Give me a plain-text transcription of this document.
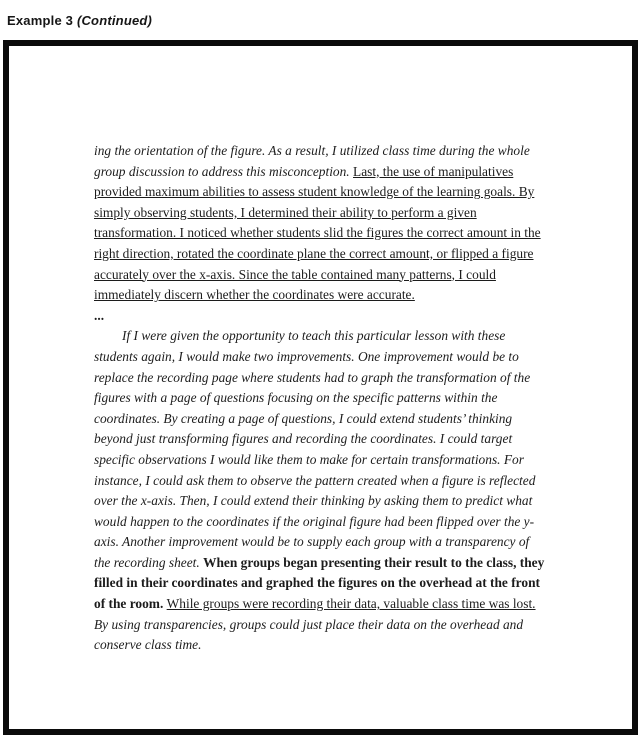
Example 3 (Continued)

ing the orientation of the figure. As a result, I utilized class time during the whole group discussion to address this misconception. Last, the use of manipulatives provided maximum abilities to assess student knowledge of the learning goals. By simply observing students, I determined their ability to perform a given transformation. I noticed whether students slid the figures the correct amount in the right direction, rotated the coordinate plane the correct amount, or flipped a figure accurately over the x-axis. Since the table contained many patterns, I could immediately discern whether the coordinates were accurate.

...

If I were given the opportunity to teach this particular lesson with these students again, I would make two improvements. One improvement would be to replace the recording page where students had to graph the transformation of the figures with a page of questions focusing on the specific patterns within the coordinates. By creating a page of questions, I could extend students’ thinking beyond just transforming figures and recording the coordinates. I could target specific observations I would like them to make for certain transformations. For instance, I could ask them to observe the pattern created when a figure is reflected over the x-axis. Then, I could extend their thinking by asking them to predict what would happen to the coordinates if the original figure had been flipped over the y-axis. Another improvement would be to supply each group with a transparency of the recording sheet. When groups began presenting their result to the class, they filled in their coordinates and graphed the figures on the overhead at the front of the room. While groups were recording their data, valuable class time was lost. By using transparencies, groups could just place their data on the overhead and conserve class time.
